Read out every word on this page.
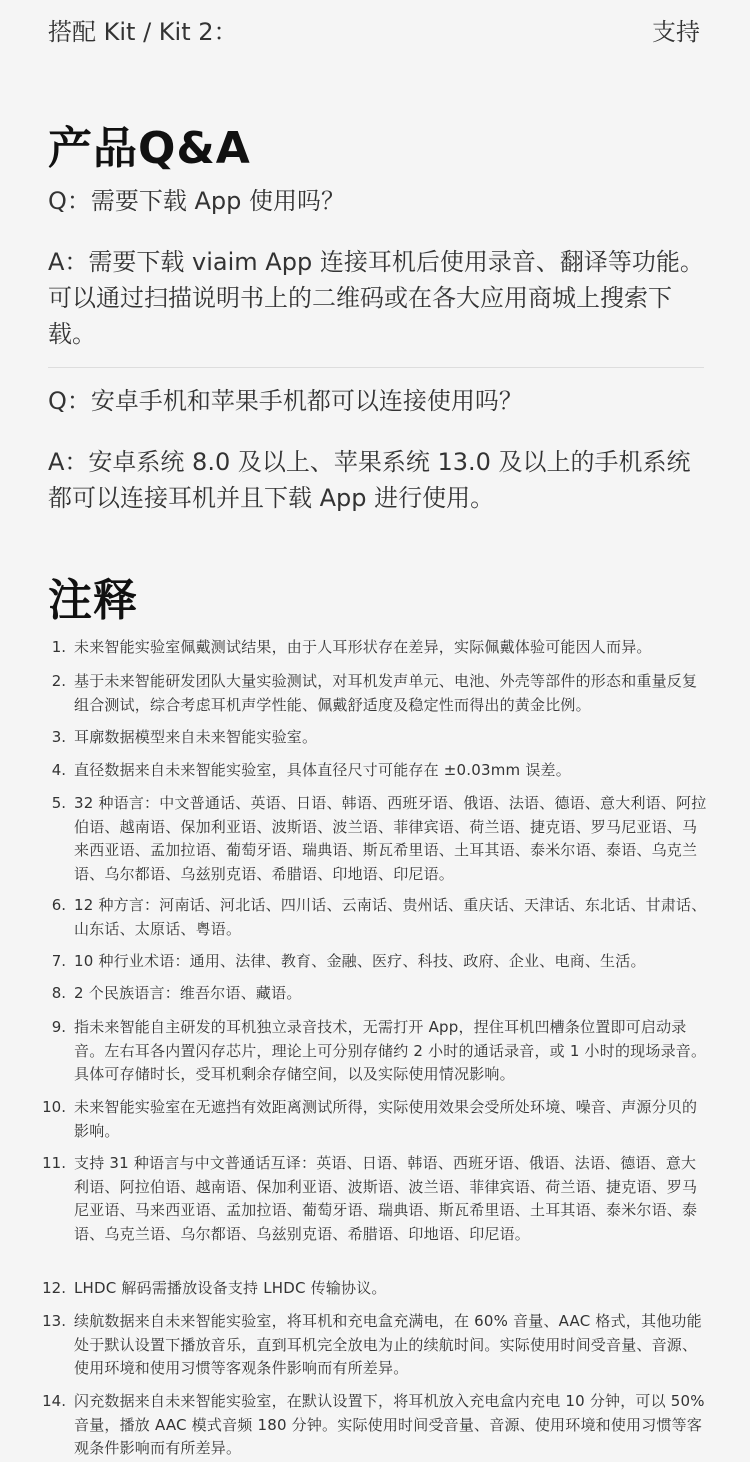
搭配 Kit / Kit 2：	支持
产品Q&A
Q：需要下载 App 使用吗？
A：需要下载 viaim App 连接耳机后使用录音、翻译等功能。可以通过扫描说明书上的二维码或在各大应用商城上搜索下载。
Q：安卓手机和苹果手机都可以连接使用吗？
A：安卓系统 8.0 及以上、苹果系统 13.0 及以上的手机系统都可以连接耳机并且下载 App 进行使用。
注释
1. 未来智能实验室佩戴测试结果，由于人耳形状存在差异，实际佩戴体验可能因人而异。
2. 基于未来智能研发团队大量实验测试，对耳机发声单元、电池、外壳等部件的形态和重量反复组合测试，综合考虑耳机声学性能、佩戴舒适度及稳定性而得出的黄金比例。
3. 耳廓数据模型来自未来智能实验室。
4. 直径数据来自未来智能实验室，具体直径尺寸可能存在 ±0.03mm 误差。
5. 32 种语言：中文普通话、英语、日语、韩语、西班牙语、俄语、法语、德语、意大利语、阿拉伯语、越南语、保加利亚语、波斯语、波兰语、菲律宾语、荷兰语、捷克语、罗马尼亚语、马来西亚语、孟加拉语、葡萄牙语、瑞典语、斯瓦希里语、土耳其语、泰米尔语、泰语、乌克兰语、乌尔都语、乌兹别克语、希腊语、印地语、印尼语。
6. 12 种方言：河南话、河北话、四川话、云南话、贵州话、重庆话、天津话、东北话、甘肃话、山东话、太原话、粤语。
7. 10 种行业术语：通用、法律、教育、金融、医疗、科技、政府、企业、电商、生活。
8. 2 个民族语言：维吾尔语、藏语。
9. 指未来智能自主研发的耳机独立录音技术，无需打开 App，捏住耳机凹槽条位置即可启动录音。左右耳各内置闪存芯片，理论上可分别存储约 2 小时的通话录音，或 1 小时的现场录音。具体可存储时长，受耳机剩余存储空间，以及实际使用情况影响。
10. 未来智能实验室在无遮挡有效距离测试所得，实际使用效果会受所处环境、噪音、声源分贝的影响。
11. 支持 31 种语言与中文普通话互译：英语、日语、韩语、西班牙语、俄语、法语、德语、意大利语、阿拉伯语、越南语、保加利亚语、波斯语、波兰语、菲律宾语、荷兰语、捷克语、罗马尼亚语、马来西亚语、孟加拉语、葡萄牙语、瑞典语、斯瓦希里语、土耳其语、泰米尔语、泰语、乌克兰语、乌尔都语、乌兹别克语、希腊语、印地语、印尼语。
12. LHDC 解码需播放设备支持 LHDC 传输协议。
13. 续航数据来自未来智能实验室，将耳机和充电盒充满电，在 60% 音量、AAC 格式，其他功能处于默认设置下播放音乐，直到耳机完全放电为止的续航时间。实际使用时间受音量、音源、使用环境和使用习惯等客观条件影响而有所差异。
14. 闪充数据来自未来智能实验室，在默认设置下，将耳机放入充电盒内充电 10 分钟，可以 50% 音量，播放 AAC 模式音频 180 分钟。实际使用时间受音量、音源、使用环境和使用习惯等客观条件影响而有所差异。
